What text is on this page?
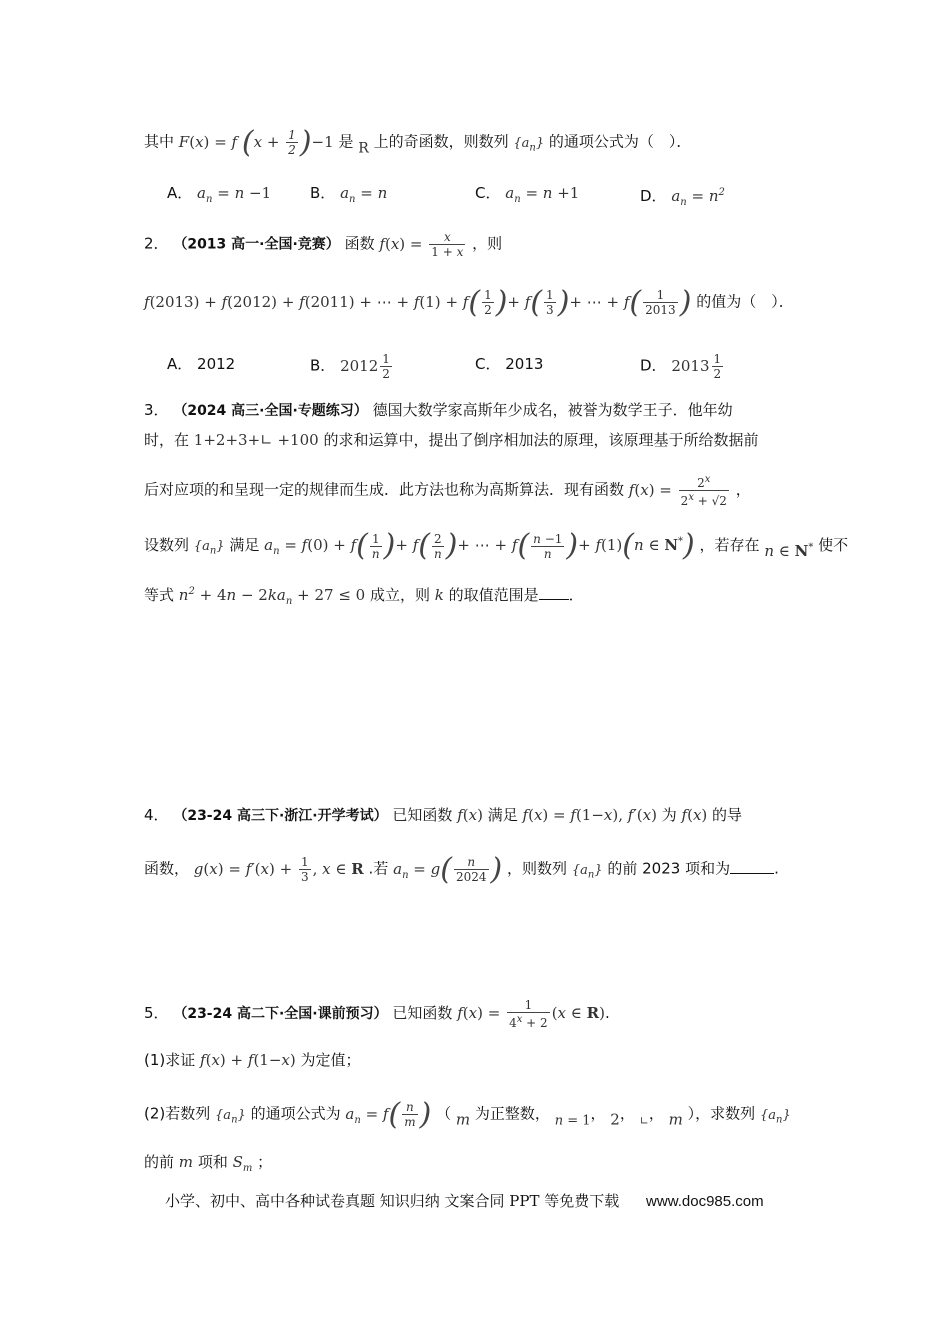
其中 F(x) = f $(x + \frac{1}{2} )-1$ 是 R 上的奇函数，则数列 $\{a_n\}$ 的通项公式为（　）．
A． $a_n = n -1$	B． $a_n = n$	C． $a_n = n +1$	D． $a_n = n^2$
2． （2013 高一·全国·竞赛） 函数 $f(x) = \frac{x}{1 + x}$ ，则
f(2013) + f(2012) + f(2011) + ⋯ + $f(1) + f( \frac{1}{2}$ )+ $f( \frac{1}{3}$ )+ ⋯ + $f( \frac{1}{2013}$ ) 的值为（　）．
A． 2012	B． $2012 \frac{1}{2}$	C． 2013	D． $2013 \frac{1}{2}$
3． （2024 高三·全国·专题练习） 德国大数学家高斯年少成名，被誉为数学王子．他年幼
时，在 1+2+3+∟ +100 的求和运算中，提出了倒序相加法的原理，该原理基于所给数据前
后对应项的和呈现一定的规律而生成．此方法也称为高斯算法．现有函数 $f(x) = \frac{2^x}{2^x + √2}$ ，
设数列 $\{a_n\}$ 满足 $a_n = f(0) + f( \frac{1}{n}$ )+ $f( \frac{2}{n}$ )+ ⋯ + $f( \frac{n -1}{n}$ )+ f(1)(n ∈ N*) ，若存在 n ∈ N* 使不
等式 $n^2 + 4n - 2ka_n + 27 \le 0$ 成立，则 k 的取值范围是 ．
4． （23-24 高三下·浙江·开学考试） 已知函数 f(x) 满足 f(x) = f(1−x), f′(x) 为 f(x) 的导
函数， $g(x) = f'(x) + \frac{1}{3}$ , x ∈ R .若 $a_n = g( \frac{n}{2024}$ ) ，则数列 $\{a_n\}$ 的前 2023 项和为	.
5． （23-24 高二下·全国·课前预习） 已知函数 $f(x) = \frac{1}{4^x + 2} (x$ ∈ R).
(1)求证 f(x) + f(1−x) 为定值；
(2)若数列 $\{a_n\}$ 的通项公式为 $a_n = f( \frac{n}{m}$ ) （ m 为正整数， n = 1， 2， $_∟$， m ），求数列 $\{a_n\}$
的前 m 项和 $S_m$ ；
小学、初中、高中各种试卷真题 知识归纳 文案合同 PPT 等免费下载 www.doc985.com
